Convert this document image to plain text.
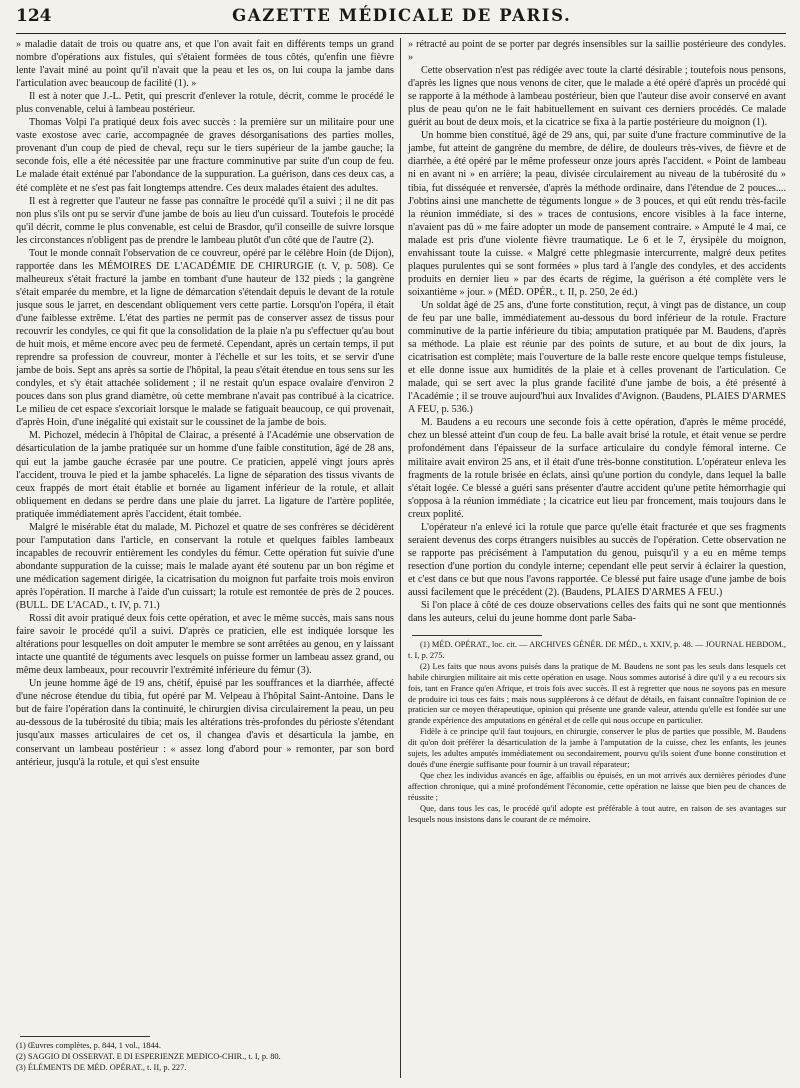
124	GAZETTE MÉDICALE DE PARIS.

» maladie datait de trois ou quatre ans, et que l'on avait fait en différents temps un grand nombre d'opérations aux fistules, qui s'étaient formées de tous côtés, qu'enfin une fièvre lente l'avait miné au point qu'il n'avait que la peau et les os, on lui coupa la jambe dans l'articulation avec beaucoup de facilité (1). »

Il est à noter que J.-L. Petit, qui prescrit d'enlever la rotule, décrit, comme le procédé le plus convenable, celui à lambeau postérieur.

Thomas Volpi l'a pratiqué deux fois avec succès : la première sur un militaire pour une vaste exostose avec carie, accompagnée de graves désorganisations des parties molles, provenant d'un coup de pied de cheval, reçu sur le tiers supérieur de la jambe gauche; la seconde fois, elle a été nécessitée par une fracture comminutive par suite d'un coup de feu. Le malade était exténué par l'abondance de la suppuration. La guérison, dans ces deux cas, a été complète et ne s'est pas fait longtemps attendre. Ces deux malades étaient des adultes.

Il est à regretter que l'auteur ne fasse pas connaître le procédé qu'il a suivi ; il ne dit pas non plus s'ils ont pu se servir d'une jambe de bois au lieu d'un cuissard. Toutefois le procédé qu'il décrit, comme le plus convenable, est celui de Brasdor, qu'il conseille de suivre lorsque les circonstances n'obligent pas de prendre le lambeau plutôt d'un côté que de l'autre (2).

Tout le monde connaît l'observation de ce couvreur, opéré par le célèbre Hoin (de Dijon), rapportée dans les MÉMOIRES DE L'ACADÉMIE DE CHIRURGIE (t. V, p. 508). Ce malheureux s'était fracturé la jambe en tombant d'une hauteur de 132 pieds ; la gangrène s'était emparée du membre, et la ligne de démarcation s'étendait depuis le devant de la rotule jusque sous le jarret, en descendant obliquement vers cette partie. Lorsqu'on l'opéra, il était d'une faiblesse extrême. L'état des parties ne permit pas de conserver assez de tissus pour recouvrir les condyles, ce qui fit que la consolidation de la plaie n'a pu s'effectuer qu'au bout de huit mois, et même encore avec peu de fermeté. Cependant, après un certain temps, il put reprendre sa profession de couvreur, monter à l'échelle et sur les toits, et se servir d'une jambe de bois. Sept ans après sa sortie de l'hôpital, la peau s'était étendue en tous sens sur les condyles, et s'y était attachée solidement ; il ne restait qu'un espace ovalaire d'environ 2 pouces dans son plus grand diamètre, où cette membrane n'avait pas contribué à la cicatrice. Le milieu de cet espace s'excoriait lorsque le malade se fatiguait beaucoup, ce qui provenait, d'après Hoin, d'une inégalité qui existait sur le coussinet de la jambe de bois.

M. Pichozel, médecin à l'hôpital de Clairac, a présenté à l'Académie une observation de désarticulation de la jambe pratiquée sur un homme d'une faible constitution, âgé de 28 ans, qui eut la jambe gauche écrasée par une poutre. Ce praticien, appelé vingt jours après l'accident, trouva le pied et la jambe sphacelés. La ligne de séparation des tissus vivants de ceux frappés de mort était établie et bornée au ligament inférieur de la rotule, et allait obliquement en dedans se perdre dans une plaie du jarret. La ligature de l'artère poplitée, pratiquée immédiatement après l'accident, était tombée.

Malgré le misérable état du malade, M. Pichozel et quatre de ses confrères se décidèrent pour l'amputation dans l'article, en conservant la rotule et quelques faibles lambeaux incapables de recouvrir entièrement les condyles du fémur. Cette opération fut suivie d'une abondante suppuration de la cuisse; mais le malade ayant été soutenu par un bon régime et une médication sagement dirigée, la cicatrisation du moignon fut parfaite trois mois environ après l'opération. Il marche à l'aide d'un cuissart; la rotule est remontée de près de 2 pouces. (BULL. DE L'ACAD., t. IV, p. 71.)

Rossi dit avoir pratiqué deux fois cette opération, et avec le même succès, mais sans nous faire savoir le procédé qu'il a suivi. D'après ce praticien, elle est indiquée lorsque les altérations pour lesquelles on doit amputer le membre se sont arrêtées au genou, en y laissant intacte une quantité de téguments avec lesquels on puisse former un lambeau assez grand, ou même deux lambeaux, pour recouvrir l'extrémité inférieure du fémur (3).

Un jeune homme âgé de 19 ans, chétif, épuisé par les souffrances et la diarrhée, affecté d'une nécrose étendue du tibia, fut opéré par M. Velpeau à l'hôpital Saint-Antoine. Dans le but de faire l'opération dans la continuité, le chirurgien divisa circulairement la peau, un peu au-dessous de la tubérosité du tibia; mais les altérations très-profondes du périoste s'étendant jusqu'aux masses articulaires de cet os, il changea d'avis et désarticula la jambe, en conservant un lambeau postérieur : « assez long d'abord pour » remonter, par son bord antérieur, jusqu'à la rotule, et qui s'est ensuite

(1) Œuvres complètes, p. 844, 1 vol., 1844.

(2) SAGGIO DI OSSERVAT. E DI ESPERIENZE MEDICO-CHIR., t. I, p. 80.

(3) ÉLÉMENTS DE MÉD. OPÉRAT., t. II, p. 227.

» rétracté au point de se porter par degrés insensibles sur la saillie postérieure des condyles. »

Cette observation n'est pas rédigée avec toute la clarté désirable ; toutefois nous pensons, d'après les lignes que nous venons de citer, que le malade a été opéré d'après un procédé qui se rapporte à la méthode à lambeau postérieur, bien que l'auteur dise avoir conservé en avant plus de peau qu'on ne le fait habituellement en suivant ces derniers procédés. Ce malade guérit au bout de deux mois, et la cicatrice se fixa à la partie postérieure du moignon (1).

Un homme bien constitué, âgé de 29 ans, qui, par suite d'une fracture comminutive de la jambe, fut atteint de gangrène du membre, de délire, de douleurs très-vives, de fièvre et de diarrhée, a été opéré par le même professeur onze jours après l'accident. « Point de lambeau ni en avant ni » en arrière; la peau, divisée circulairement au niveau de la tubérosité du » tibia, fut disséquée et renversée, d'après la méthode ordinaire, dans l'étendue de 2 pouces.... J'obtins ainsi une manchette de téguments longue » de 3 pouces, et qui eût rendu très-facile la réunion immédiate, si des » traces de contusions, encore visibles à la face interne, n'avaient pas dû » me faire adopter un mode de pansement contraire. » Amputé le 4 mai, ce malade est pris d'une violente fièvre traumatique. Le 6 et le 7, érysipèle du moignon, envahissant toute la cuisse. « Malgré cette phlegmasie intercurrente, malgré deux petites plaques purulentes qui se sont formées » plus tard à l'angle des condyles, et des accidents produits en dernier lieu » par des écarts de régime, la guérison a été complète vers le soixantième » jour. » (MÉD. OPÉR., t. II, p. 250, 2e éd.)

Un soldat âgé de 25 ans, d'une forte constitution, reçut, à vingt pas de distance, un coup de feu par une balle, immédiatement au-dessous du bord inférieur de la rotule. Fracture comminutive de la partie inférieure du tibia; amputation pratiquée par M. Baudens, d'après sa méthode. La plaie est réunie par des points de suture, et au bout de dix jours, la cicatrisation est complète; mais l'ouverture de la balle reste encore quelque temps fistuleuse, et elle donne issue aux humidités de la plaie et à celles provenant de l'articulation. Ce malade, qui se sert avec la plus grande facilité d'une jambe de bois, a été présenté à l'Académie ; il se trouve aujourd'hui aux Invalides d'Avignon. (Baudens, PLAIES D'ARMES A FEU, p. 536.)

M. Baudens a eu recours une seconde fois à cette opération, d'après le même procédé, chez un blessé atteint d'un coup de feu. La balle avait brisé la rotule, et était venue se perdre profondément dans l'épaisseur de la surface articulaire du condyle fémoral interne. Ce militaire avait environ 25 ans, et il était d'une très-bonne constitution. L'opérateur enleva les fragments de la rotule brisée en éclats, ainsi qu'une portion du condyle, dans lequel la balle s'était logée. Ce blessé a guéri sans présenter d'autre accident qu'une petite hémorrhagie qui s'opposa à la réunion immédiate ; la cicatrice eut lieu par froncement, mais toujours dans le creux poplité.

L'opérateur n'a enlevé ici la rotule que parce qu'elle était fracturée et que ses fragments seraient devenus des corps étrangers nuisibles au succès de l'opération. Cette observation ne se rapporte pas précisément à l'amputation du genou, puisqu'il y a eu en même temps resection d'une portion du condyle interne; cependant elle peut servir à éclairer la question, et c'est dans ce but que nous l'avons rapportée. Ce blessé put faire usage d'une jambe de bois aussi facilement que le précédent (2). (Baudens, PLAIES D'ARMES A FEU.)

Si l'on place à côté de ces douze observations celles des faits qui ne sont que mentionnés dans les auteurs, celui du jeune homme dont parle Saba-

(1) MÉD. OPÉRAT., loc. cit. — ARCHIVES GÉNÉR. DE MÉD., t. XXIV, p. 48. — JOURNAL HEBDOM., t. I, p. 275.

(2) Les faits que nous avons puisés dans la pratique de M. Baudens ne sont pas les seuls dans lesquels cet habile chirurgien militaire ait mis cette opération en usage. Nous sommes autorisé à dire qu'il y a eu recours six fois, tant en France qu'en Afrique, et trois fois avec succès. Il est à regretter que nous ne soyons pas en mesure de produire ici tous ces faits ; mais nous suppléerons à ce défaut de détails, en faisant connaître l'opinion de ce praticien sur ce moyen thérapeutique, opinion qui présente une grande valeur, attendu qu'elle est fondée sur une grande expérience des amputations en général et de celle qui nous occupe en particulier.

Fidèle à ce principe qu'il faut toujours, en chirurgie, conserver le plus de parties que possible, M. Baudens dit qu'on doit préférer la désarticulation de la jambe à l'amputation de la cuisse, chez les enfants, les jeunes sujets, les adultes amputés immédiatement ou secondairement, pourvu qu'ils soient d'une bonne constitution et doués d'une énergie suffisante pour fournir à un travail réparateur;

Que chez les individus avancés en âge, affaiblis ou épuisés, en un mot arrivés aux dernières périodes d'une affection chronique, qui a miné profondément l'économie, cette opération ne laisse que bien peu de chances de réussite ;

Que, dans tous les cas, le procédé qu'il adopte est préférable à tout autre, en raison de ses avantages sur lesquels nous insistons dans le courant de ce mémoire.
